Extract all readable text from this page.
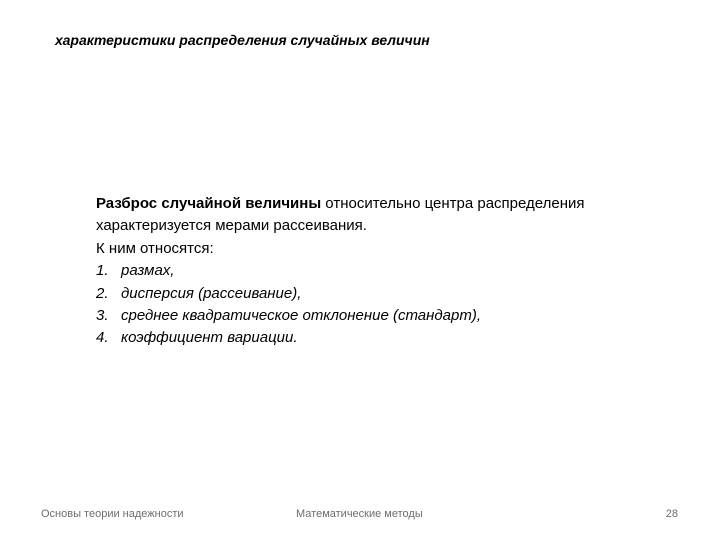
характеристики распределения случайных величин
Разброс случайной величины относительно центра распределения
характеризуется мерами рассеивания.
К ним относятся:
1. размах,
2. дисперсия (рассеивание),
3. среднее квадратическое отклонение (стандарт),
4. коэффициент вариации.
Основы теории надежности	Математические методы	28
